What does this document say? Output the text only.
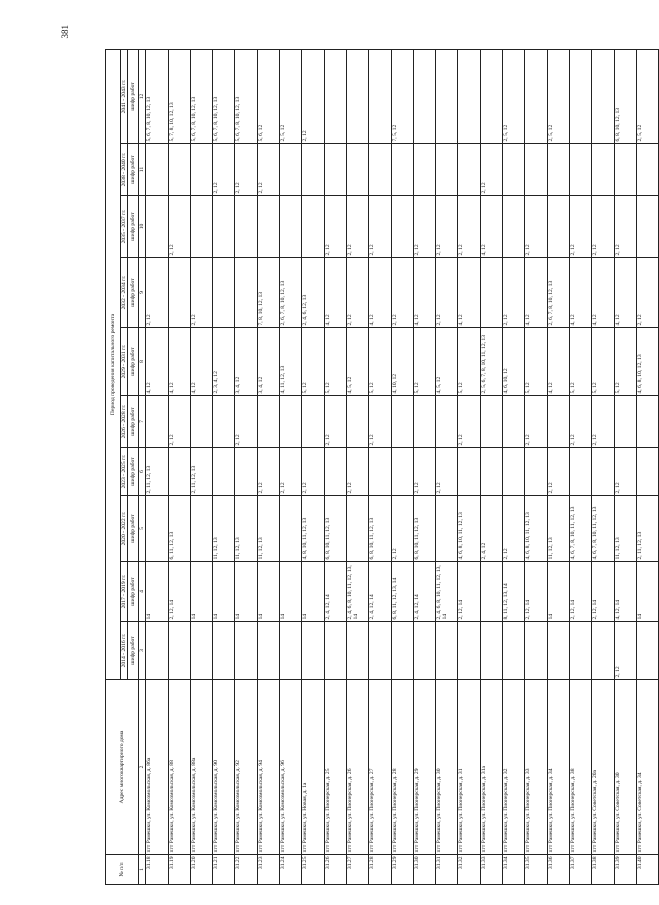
381
№ п/п	Адрес многоквартирного дома	Период проведения капитального ремонта									
		2014 - 2016 гг.	2017 - 2019 гг.	2020 - 2022 гг.	2023 - 2025 гг.	2026 - 2028 гг.	2029 - 2031 гг.	2032 - 2034 гг.	2035 - 2037 гг.	2038 - 2040 гг.	2041 - 2043 гг.
		шифр работ	шифр работ	шифр работ	шифр работ	шифр работ	шифр работ	шифр работ	шифр работ	шифр работ	шифр работ

1	2	3	4	5	6	7	8	9	10	11	12
31.18	пгт Рамешки, ул. Комсомольская, д. 86а		14		2, 11, 12, 13		4, 12	2, 12			5, 6, 7, 8, 10, 12, 13
31.19	пгт Рамешки, ул. Комсомольская, д. 88		2, 12, 14	6, 11, 12, 13		2, 12	4, 12		2, 12		5, 7, 8, 10, 12, 13
31.20	пгт Рамешки, ул. Комсомольская, д. 88а		14		2, 11, 12, 13		4, 12	2, 12			5, 6, 7, 8, 10, 12, 13
31.21	пгт Рамешки, ул. Комсомольская, д. 90		14	11, 12, 13			2, 3, 4, 12			2, 12	5, 6, 7, 8, 10, 12, 13
31.22	пгт Рамешки, ул. Комсомольская, д. 92		14	11, 12, 13		2, 12	3, 4, 12			2, 12	5, 6, 7, 8, 10, 12, 13
31.23	пгт Рамешки, ул. Комсомольская, д. 94		14	11, 12, 13	2, 12		3, 4, 12	7, 8, 10, 12, 13		2, 12	5, 6, 12
31.24	пгт Рамешки, ул. Комсомольская, д. 96		14		2, 12		4, 11, 12, 13	2, 6, 7, 8, 10, 12, 13			2, 5, 12
31.25	пгт Рамешки, ул. Новая, д. 1а		14	4, 8, 10, 11, 12, 13	2, 12		5, 12	2, 4, 6, 12, 13			2, 12
31.26	пгт Рамешки, ул. Пионерская, д. 25		2, 4, 12, 14	6, 8, 10, 11, 12, 13		2, 12	5, 12	4, 12	2, 12		
31.27	пгт Рамешки, ул. Пионерская, д. 26		2, 4, 6, 8, 10, 11, 12, 13, 14		2, 12		4, 5, 12	2, 12	2, 12		
31.28	пгт Рамешки, ул. Пионерская, д. 27		2, 4, 12, 14	6, 8, 10, 11, 12, 13		2, 12	5, 12	4, 12	2, 12		
31.29	пгт Рамешки, ул. Пионерская, д. 28		6, 8, 11, 12, 13, 14	2, 12			4, 10, 12	2, 12			7, 5, 12
31.30	пгт Рамешки, ул. Пионерская, д. 29		2, 4, 12, 14	6, 8, 10, 11, 12, 13	2, 12		5, 12	4, 12	2, 12		
31.31	пгт Рамешки, ул. Пионерская, д. 30		2, 4, 6, 8, 10, 11, 12, 13, 14		2, 12		4, 5, 12	2, 12	2, 12		
31.32	пгт Рамешки, ул. Пионерская, д. 31		2, 12, 14	4, 6, 8, 10, 11, 12, 13		2, 12	5, 12	4, 12	2, 12		
31.33	пгт Рамешки, ул. Пионерская, д. 31а			2, 4, 12			2, 5, 6, 7, 8, 10, 11, 12, 13		4, 12	2, 12	
31.34	пгт Рамешки, ул. Пионерская, д. 32		8, 11, 12, 13, 14	2, 12			4, 6, 10, 12	2, 12			2, 5, 12
31.35	пгт Рамешки, ул. Пионерская, д. 33		2, 12, 14	4, 6, 8, 10, 11, 12, 13		2, 12	5, 12	4, 12	2, 12		
31.36	пгт Рамешки, ул. Пионерская, д. 34		14	11, 12, 13	2, 12		4, 12	2, 6, 7, 8, 10, 12, 13			2, 5, 12
31.37	пгт Рамешки, ул. Пионерская, д. 38		2, 12, 14	4, 6, 7, 8, 10, 11, 12, 13		2, 12	5, 12	4, 12	2, 12		
31.38	пгт Рамешки, ул. Советская, д. 20а		2, 12, 14	4, 6, 7, 8, 10, 11, 12, 13		2, 12	5, 12	4, 12	2, 12		
31.39	пгт Рамешки, ул. Советская, д. 30	2, 12	4, 12, 14	11, 12, 13	2, 12		5, 12	4, 12	2, 12		6, 8, 10, 12, 13
31.40	пгт Рамешки, ул. Советская, д. 34		14	2, 11, 12, 13			4, 6, 8, 10, 12, 13	2, 12			2, 5, 12
